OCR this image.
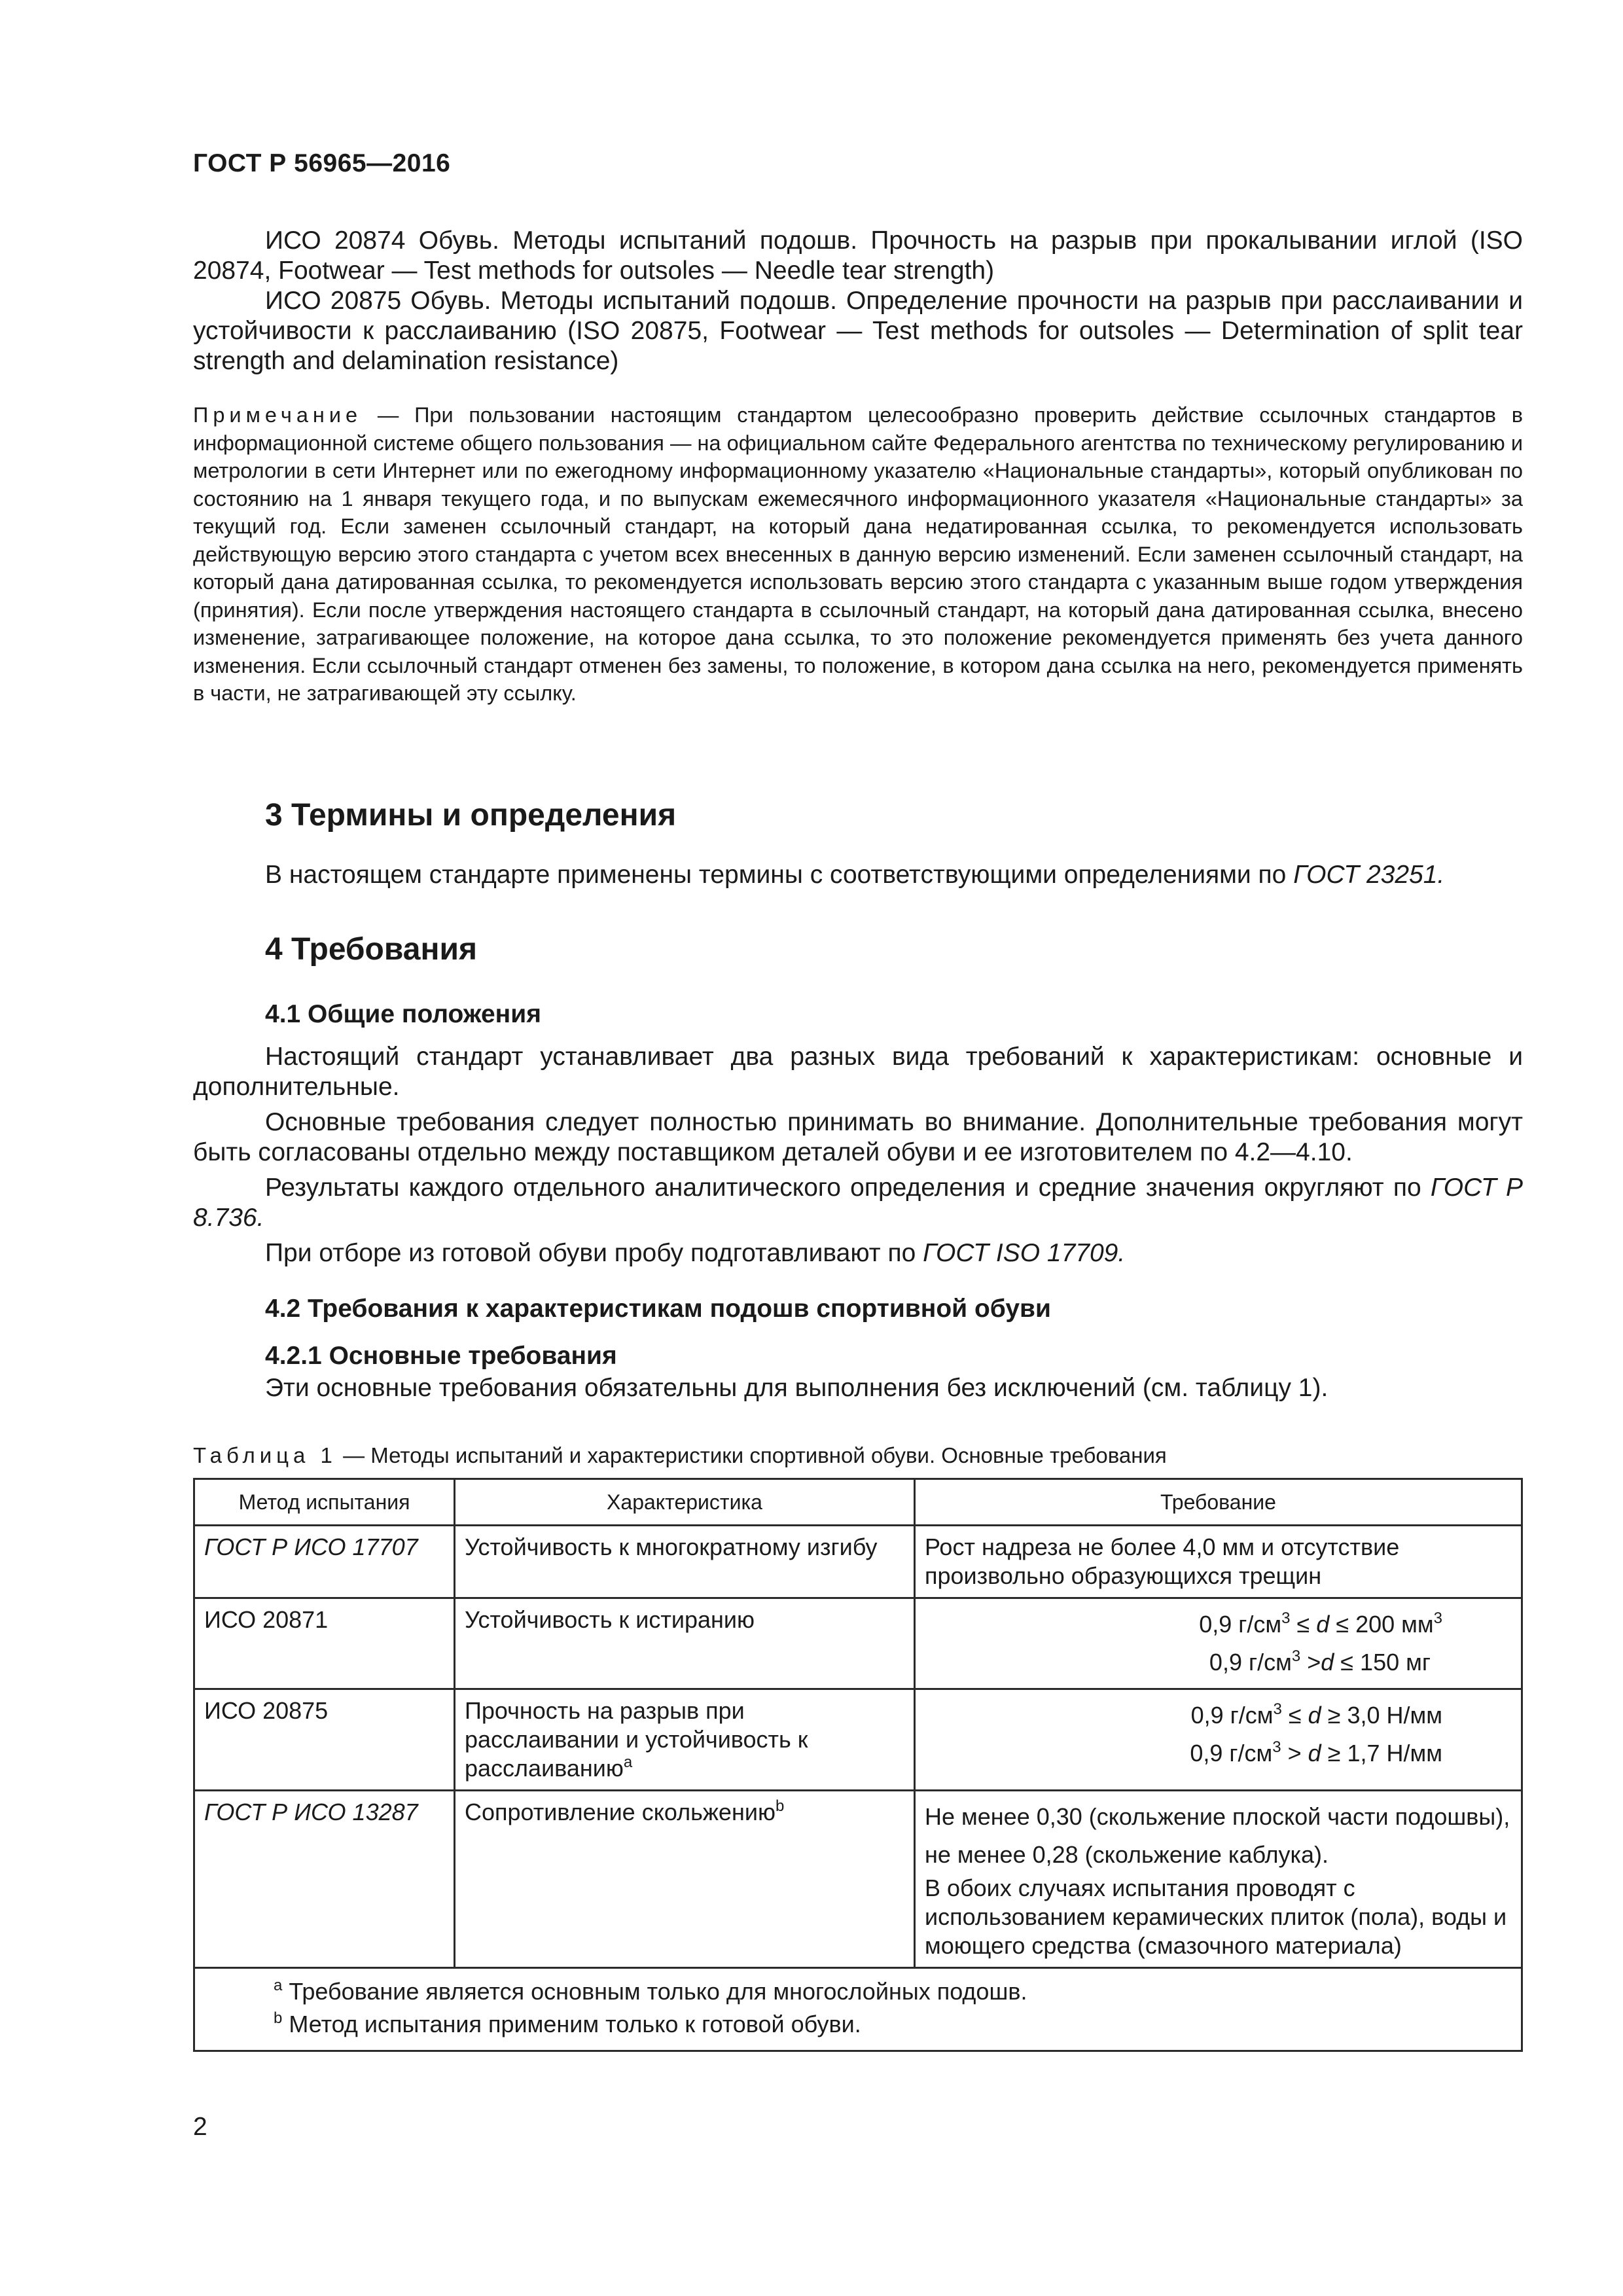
ГОСТ Р 56965—2016

ИСО 20874 Обувь. Методы испытаний подошв. Прочность на разрыв при прокалывании иглой (ISO 20874, Footwear — Test methods for outsoles — Needle tear strength)

ИСО 20875 Обувь. Методы испытаний подошв. Определение прочности на разрыв при расслаивании и устойчивости к расслаиванию (ISO 20875, Footwear — Test methods for outsoles — Determination of split tear strength and delamination resistance)

Примечание — При пользовании настоящим стандартом целесообразно проверить действие ссылочных стандартов в информационной системе общего пользования — на официальном сайте Федерального агентства по техническому регулированию и метрологии в сети Интернет или по ежегодному информационному указателю «Национальные стандарты», который опубликован по состоянию на 1 января текущего года, и по выпускам ежемесячного информационного указателя «Национальные стандарты» за текущий год. Если заменен ссылочный стандарт, на который дана недатированная ссылка, то рекомендуется использовать действующую версию этого стандарта с учетом всех внесенных в данную версию изменений. Если заменен ссылочный стандарт, на который дана датированная ссылка, то рекомендуется использовать версию этого стандарта с указанным выше годом утверждения (принятия). Если после утверждения настоящего стандарта в ссылочный стандарт, на который дана датированная ссылка, внесено изменение, затрагивающее положение, на которое дана ссылка, то это положение рекомендуется применять без учета данного изменения. Если ссылочный стандарт отменен без замены, то положение, в котором дана ссылка на него, рекомендуется применять в части, не затрагивающей эту ссылку.

3 Термины и определения

В настоящем стандарте применены термины с соответствующими определениями по ГОСТ 23251.

4 Требования
4.1 Общие положения

Настоящий стандарт устанавливает два разных вида требований к характеристикам: основные и дополнительные.

Основные требования следует полностью принимать во внимание. Дополнительные требования могут быть согласованы отдельно между поставщиком деталей обуви и ее изготовителем по 4.2—4.10.

Результаты каждого отдельного аналитического определения и средние значения округляют по ГОСТ Р 8.736.

При отборе из готовой обуви пробу подготавливают по ГОСТ ISO 17709.

4.2 Требования к характеристикам подошв спортивной обуви
4.2.1 Основные требования

Эти основные требования обязательны для выполнения без исключений (см. таблицу 1).

Таблица 1 — Методы испытаний и характеристики спортивной обуви. Основные требования
Метод испытания	Характеристика	Требование
ГОСТ Р ИСО 17707	Устойчивость к многократному изгибу	Рост надреза не более 4,0 мм и отсутствие произвольно образующихся трещин
ИСО 20871	Устойчивость к истиранию	0,9 $г/см^3 \le d \le 200$ $мм^3$
0,9 $г/см^3 >d \le 150$ мг

ИСО 20875	Прочность на разрыв при расслаивании и устойчивость к расслаиванию$^a$	0,9 $г/см^3 \le d \ge 3,0$ Н/мм
0,9 $г/см^3 > d \ge 1,7$ Н/мм

ГОСТ Р ИСО 13287	Сопротивление скольжению$^b$	Не менее 0,30 (скольжение плоской части подошвы),
не менее 0,28 (скольжение каблука).
В обоих случаях испытания проводят с использованием керамических плиток (пола), воды и моющего средства (смазочного материала)

$^a$ Требование является основным только для многослойных подошв.
$^b$ Метод испытания применим только к готовой обуви.		
2
